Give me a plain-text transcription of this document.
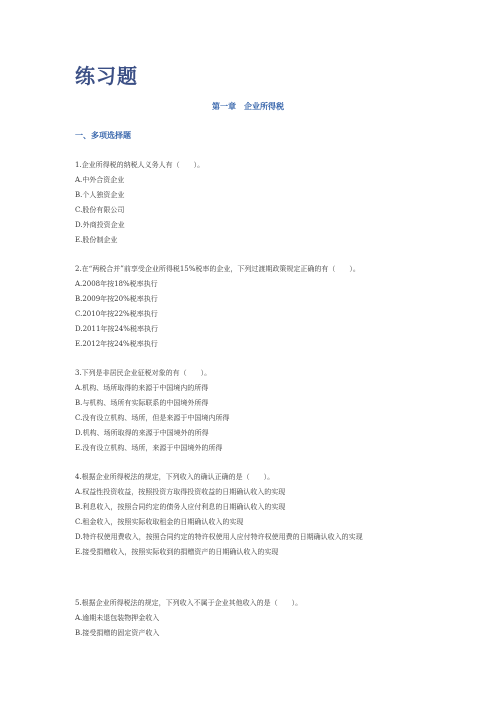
练习题
第一章　企业所得税
一、多项选择题
1.企业所得税的纳税人义务人有（　　）。
A.中外合资企业
B.个人独资企业
C.股份有限公司
D.外商投资企业
E.股份制企业
2.在“两税合并”前享受企业所得税15%税率的企业，下列过渡期政策规定正确的有（　　）。
A.2008年按18%税率执行
B.2009年按20%税率执行
C.2010年按22%税率执行
D.2011年按24%税率执行
E.2012年按24%税率执行
3.下列是非居民企业征税对象的有（　　）。
A.机构、场所取得的来源于中国境内的所得
B.与机构、场所有实际联系的中国境外所得
C.没有设立机构、场所，但是来源于中国境内所得
D.机构、场所取得的来源于中国境外的所得
E.没有设立机构、场所，来源于中国境外的所得
4.根据企业所得税法的规定，下列收入的确认正确的是（　　）。
A.权益性投资收益，按照投资方取得投资收益的日期确认收入的实现
B.利息收入，按照合同约定的债务人应付利息的日期确认收入的实现
C.租金收入，按照实际收取租金的日期确认收入的实现
D.特许权使用费收入，按照合同约定的特许权使用人应付特许权使用费的日期确认收入的实现
E.接受捐赠收入，按照实际收到的捐赠资产的日期确认收入的实现
5.根据企业所得税法的规定，下列收入不属于企业其他收入的是（　　）。
A.逾期未退包装物押金收入
B.接受捐赠的固定资产收入
